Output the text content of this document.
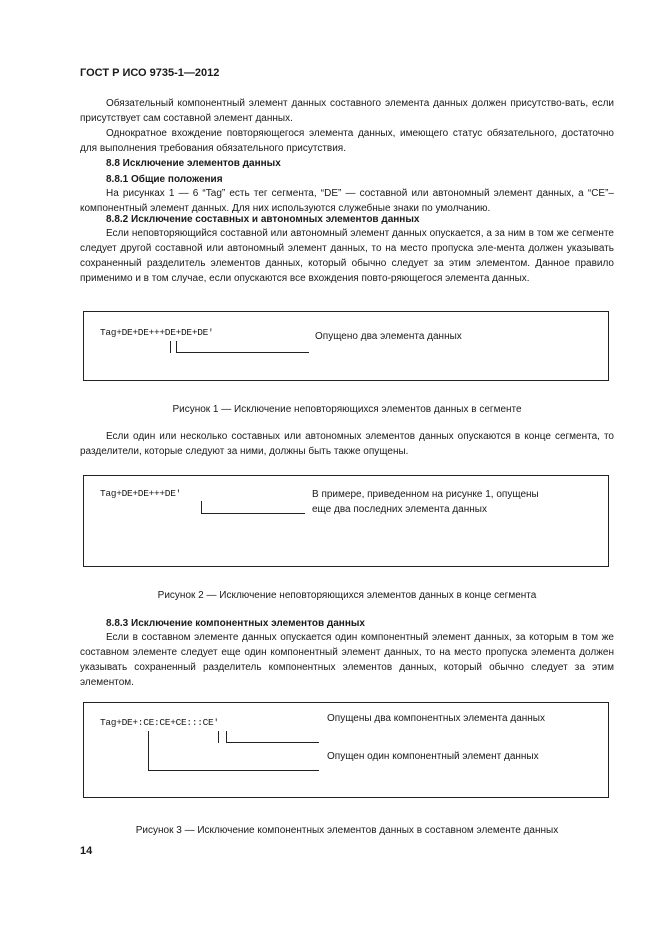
ГОСТ Р ИСО 9735-1—2012

Обязательный компонентный элемент данных составного элемента данных должен присутство-вать, если присутствует сам составной элемент данных.

Однократное вхождение повторяющегося элемента данных, имеющего статус обязательного, достаточно для выполнения требования обязательного присутствия.

8.8 Исключение элементов данных

8.8.1 Общие положения

На рисунках 1 — 6 “Tag” есть тег сегмента, “DE” — составной или автономный элемент данных, а “CE”– компонентный элемент данных. Для них используются служебные знаки по умолчанию.

8.8.2 Исключение составных и автономных элементов данных

Если неповторяющийся составной или автономный элемент данных опускается, а за ним в том же сегменте следует другой составной или автономный элемент данных, то на место пропуска эле-мента должен указывать сохраненный разделитель элементов данных, который обычно следует за этим элементом. Данное правило применимо и в том случае, если опускаются все вхождения повто-ряющегося элемента данных.

Tag+DE+DE+++DE+DE+DE'	Опущено два элемента данных
Рисунок 1 — Исключение неповторяющихся элементов данных в сегменте

Если один или несколько составных или автономных элементов данных опускаются в конце сегмента, то разделители, которые следуют за ними, должны быть также опущены.

Tag+DE+DE+++DE'	В примере, приведенном на рисунке 1, опущены
еще два последних элемента данных
Рисунок 2 — Исключение неповторяющихся элементов данных в конце сегмента

8.8.3 Исключение компонентных элементов данных

Если в составном элементе данных опускается один компонентный элемент данных, за которым в том же составном элементе следует еще один компонентный элемент данных, то на место пропуска элемента должен указывать сохраненный разделитель компонентных элементов данных, который обычно следует за этим элементом.

Tag+DE+:CE:CE+CE:::CE'	Опущены два компонентных элемента данных
Опущен один компонентный элемент данных
Рисунок 3 — Исключение компонентных элементов данных в составном элементе данных
14
